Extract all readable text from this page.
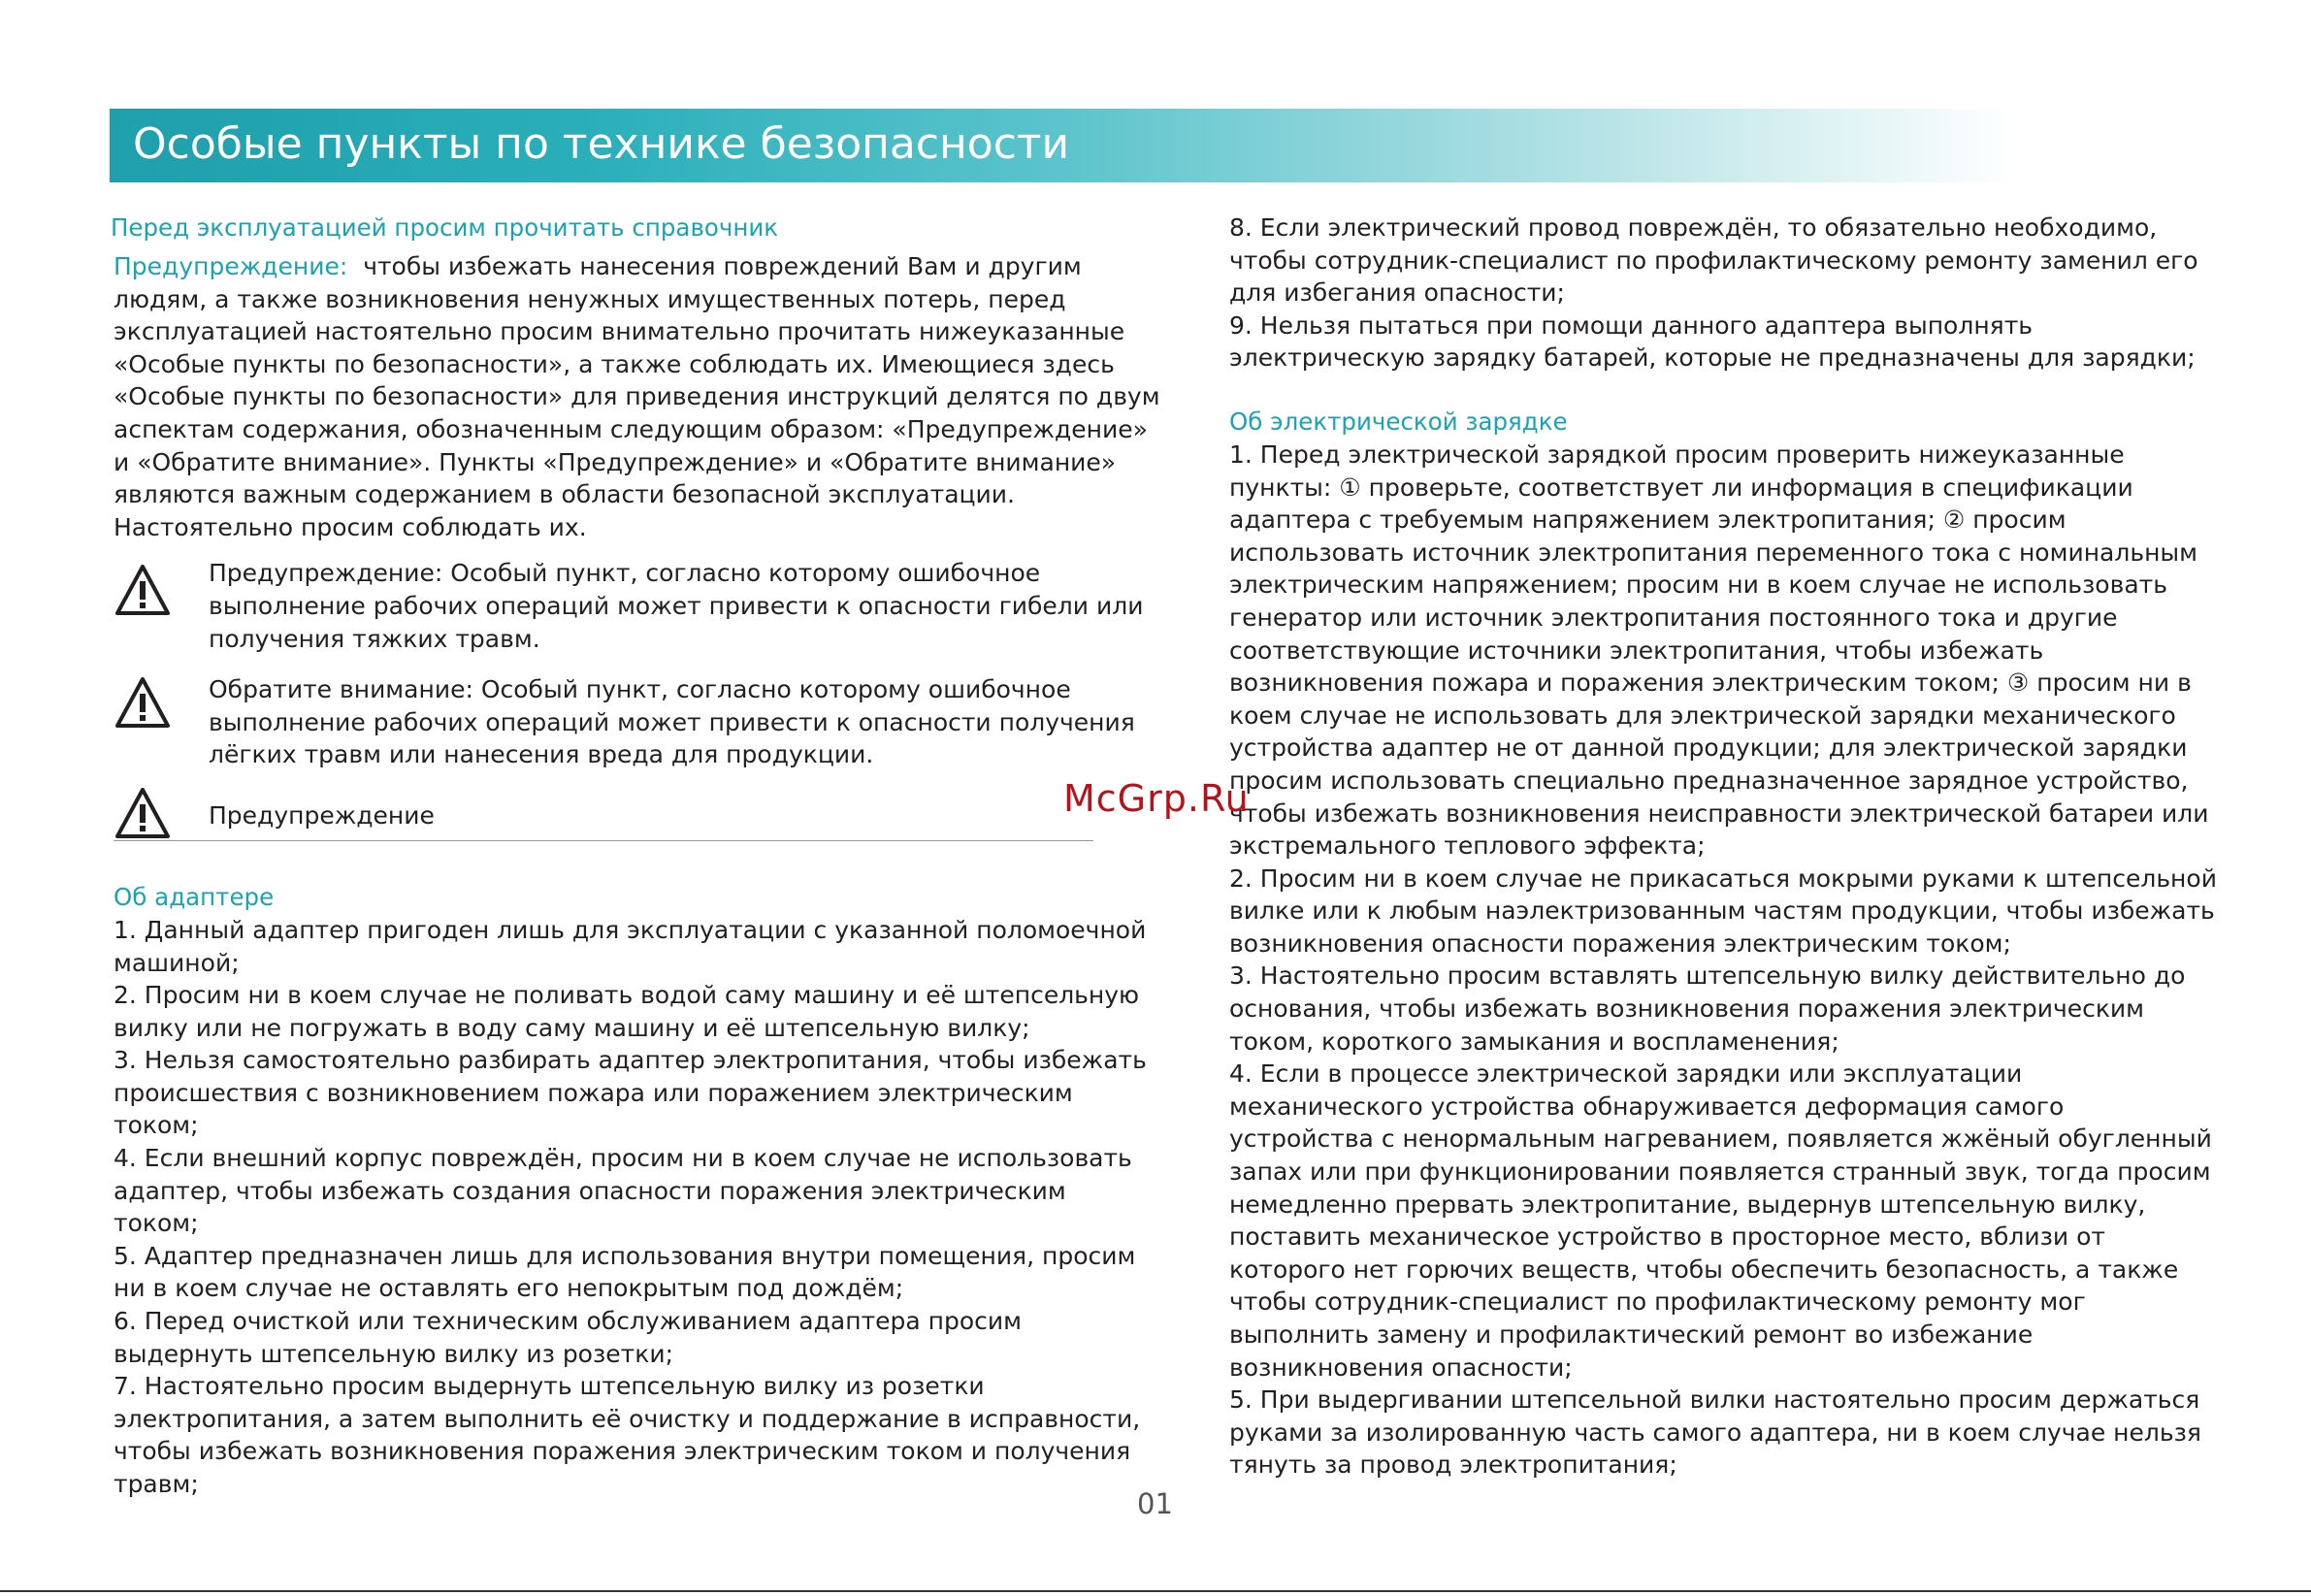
Особые пункты по технике безопасности
Перед эксплуатацией просим прочитать справочник
Предупреждение:  чтобы избежать нанесения повреждений Вам и другим
людям, а также возникновения ненужных имущественных потерь, перед
эксплуатацией настоятельно просим внимательно прочитать нижеуказанные
«Особые пункты по безопасности», а также соблюдать их. Имеющиеся здесь
«Особые пункты по безопасности» для приведения инструкций делятся по двум
аспектам содержания, обозначенным следующим образом: «Предупреждение»
и «Обратите внимание». Пункты «Предупреждение» и «Обратите внимание»
являются важным содержанием в области безопасной эксплуатации.
Настоятельно просим соблюдать их.
Предупреждение: Особый пункт, согласно которому ошибочное
выполнение рабочих операций может привести к опасности гибели или
получения тяжких травм.
Обратите внимание: Особый пункт, согласно которому ошибочное
выполнение рабочих операций может привести к опасности получения
лёгких травм или нанесения вреда для продукции.
Предупреждение
Об адаптере
1. Данный адаптер пригоден лишь для эксплуатации с указанной поломоечной
машиной;
2. Просим ни в коем случае не поливать водой саму машину и её штепсельную
вилку или не погружать в воду саму машину и её штепсельную вилку;
3. Нельзя самостоятельно разбирать адаптер электропитания, чтобы избежать
происшествия с возникновением пожара или поражением электрическим
током;
4. Если внешний корпус повреждён, просим ни в коем случае не использовать
адаптер, чтобы избежать создания опасности поражения электрическим
током;
5. Адаптер предназначен лишь для использования внутри помещения, просим
ни в коем случае не оставлять его непокрытым под дождём;
6. Перед очисткой или техническим обслуживанием адаптера просим
выдернуть штепсельную вилку из розетки;
7. Настоятельно просим выдернуть штепсельную вилку из розетки
электропитания, а затем выполнить её очистку и поддержание в исправности,
чтобы избежать возникновения поражения электрическим током и получения
травм;
8. Если электрический провод повреждён, то обязательно необходимо,
чтобы сотрудник-специалист по профилактическому ремонту заменил его
для избегания опасности;
9. Нельзя пытаться при помощи данного адаптера выполнять
электрическую зарядку батарей, которые не предназначены для зарядки;
Об электрической зарядке
1. Перед электрической зарядкой просим проверить нижеуказанные
пункты: ① проверьте, соответствует ли информация в спецификации
адаптера с требуемым напряжением электропитания; ② просим
использовать источник электропитания переменного тока с номинальным
электрическим напряжением; просим ни в коем случае не использовать
генератор или источник электропитания постоянного тока и другие
соответствующие источники электропитания, чтобы избежать
возникновения пожара и поражения электрическим током; ③ просим ни в
коем случае не использовать для электрической зарядки механического
устройства адаптер не от данной продукции; для электрической зарядки
просим использовать специально предназначенное зарядное устройство,
чтобы избежать возникновения неисправности электрической батареи или
экстремального теплового эффекта;
2. Просим ни в коем случае не прикасаться мокрыми руками к штепсельной
вилке или к любым наэлектризованным частям продукции, чтобы избежать
возникновения опасности поражения электрическим током;
3. Настоятельно просим вставлять штепсельную вилку действительно до
основания, чтобы избежать возникновения поражения электрическим
током, короткого замыкания и воспламенения;
4. Если в процессе электрической зарядки или эксплуатации
механического устройства обнаруживается деформация самого
устройства с ненормальным нагреванием, появляется жжёный обугленный
запах или при функционировании появляется странный звук, тогда просим
немедленно прервать электропитание, выдернув штепсельную вилку,
поставить механическое устройство в просторное место, вблизи от
которого нет горючих веществ, чтобы обеспечить безопасность, а также
чтобы сотрудник-специалист по профилактическому ремонту мог
выполнить замену и профилактический ремонт во избежание
возникновения опасности;
5. При выдергивании штепсельной вилки настоятельно просим держаться
руками за изолированную часть самого адаптера, ни в коем случае нельзя
тянуть за провод электропитания;
McGrp.Ru
01
